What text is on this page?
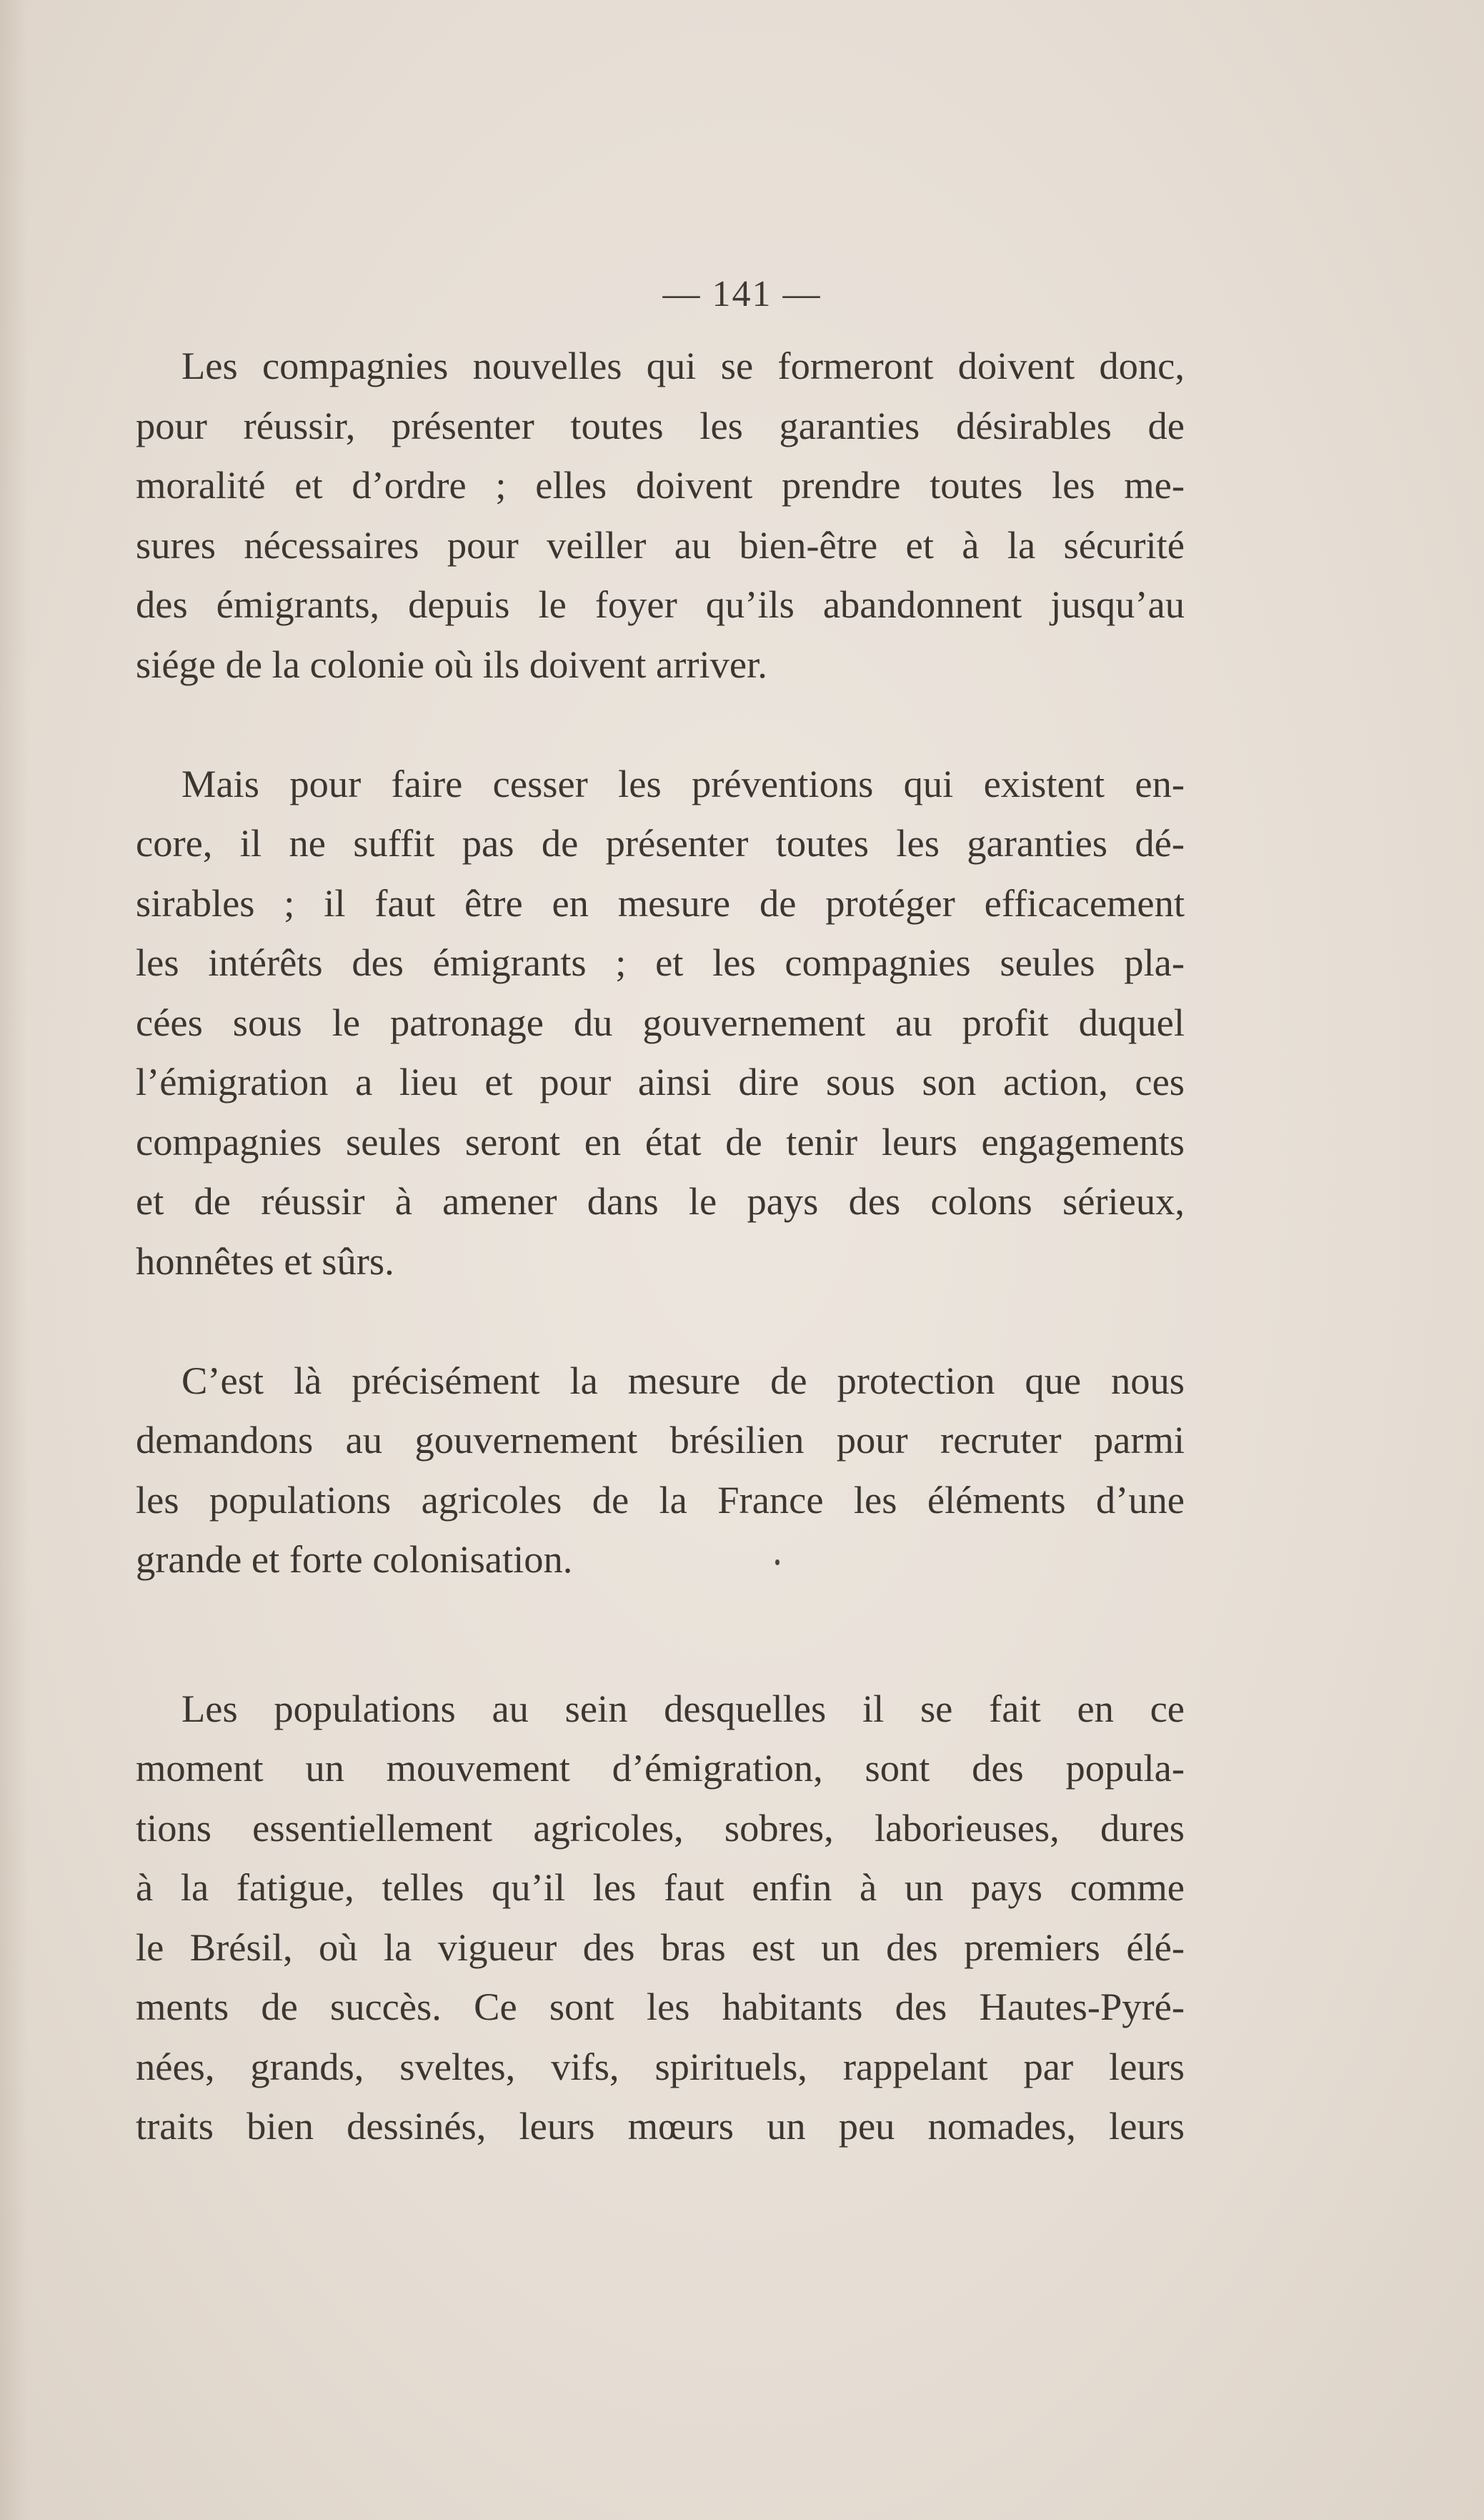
— 141 —
Les compagnies nouvelles qui se formeront doivent donc,
pour réussir, présenter toutes les garanties désirables de
moralité et d’ordre ; elles doivent prendre toutes les me-
sures nécessaires pour veiller au bien-être et à la sécurité
des émigrants, depuis le foyer qu’ils abandonnent jusqu’au
siége de la colonie où ils doivent arriver.
Mais pour faire cesser les préventions qui existent en-
core, il ne suffit pas de présenter toutes les garanties dé-
sirables ; il faut être en mesure de protéger efficacement
les intérêts des émigrants ; et les compagnies seules pla-
cées sous le patronage du gouvernement au profit duquel
l’émigration a lieu et pour ainsi dire sous son action, ces
compagnies seules seront en état de tenir leurs engagements
et de réussir à amener dans le pays des colons sérieux,
honnêtes et sûrs.
C’est là précisément la mesure de protection que nous
demandons au gouvernement brésilien pour recruter parmi
les populations agricoles de la France les éléments d’une
grande et forte colonisation.
Les populations au sein desquelles il se fait en ce
moment un mouvement d’émigration, sont des popula-
tions essentiellement agricoles, sobres, laborieuses, dures
à la fatigue, telles qu’il les faut enfin à un pays comme
le Brésil, où la vigueur des bras est un des premiers élé-
ments de succès. Ce sont les habitants des Hautes-Pyré-
nées, grands, sveltes, vifs, spirituels, rappelant par leurs
traits bien dessinés, leurs mœurs un peu nomades, leurs
